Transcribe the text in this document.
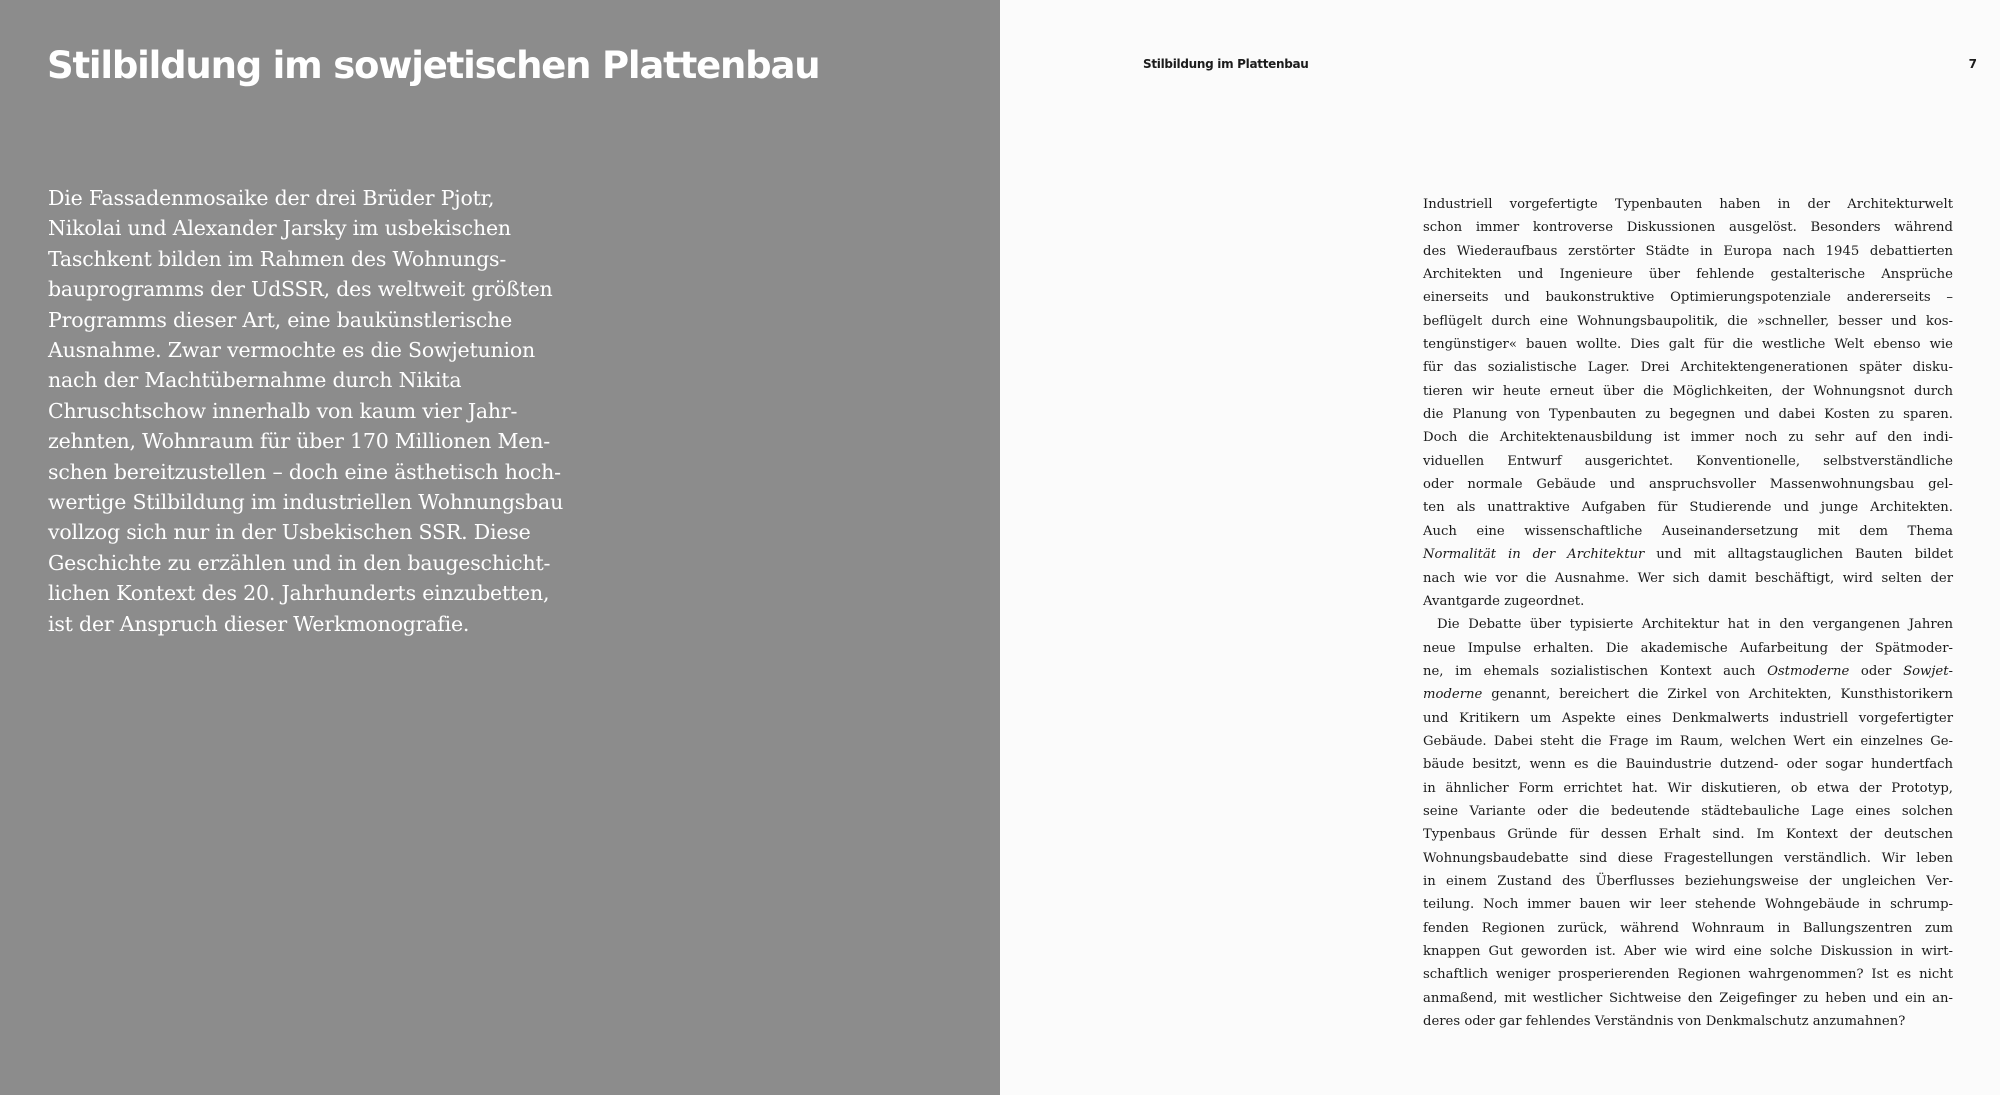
Stilbildung im sowjetischen Plattenbau
Die Fassadenmosaike der drei Brüder Pjotr,
Nikolai und Alexander Jarsky im usbekischen
Taschkent bilden im Rahmen des Wohnungs-
bauprogramms der UdSSR, des weltweit größten
Programms dieser Art, eine baukünstlerische
Ausnahme. Zwar vermochte es die Sowjetunion
nach der Machtübernahme durch Nikita
Chruschtschow innerhalb von kaum vier Jahr-
zehnten, Wohnraum für über 170 Millionen Men-
schen bereitzustellen – doch eine ästhetisch hoch-
wertige Stilbildung im industriellen Wohnungsbau
vollzog sich nur in der Usbekischen SSR. Diese
Geschichte zu erzählen und in den baugeschicht-
lichen Kontext des 20. Jahrhunderts einzubetten,
ist der Anspruch dieser Werkmonografie.
Stilbildung im Plattenbau	7
Industriell vorgefertigte Typenbauten haben in der Architekturwelt
schon immer kontroverse Diskussionen ausgelöst. Besonders während
des Wiederaufbaus zerstörter Städte in Europa nach 1945 debattierten
Architekten und Ingenieure über fehlende gestalterische Ansprüche
einerseits und baukonstruktive Optimierungspotenziale andererseits –
beflügelt durch eine Wohnungsbaupolitik, die »schneller, besser und kos-
tengünstiger« bauen wollte. Dies galt für die westliche Welt ebenso wie
für das sozialistische Lager. Drei Architektengenerationen später disku-
tieren wir heute erneut über die Möglichkeiten, der Wohnungsnot durch
die Planung von Typenbauten zu begegnen und dabei Kosten zu sparen.
Doch die Architektenausbildung ist immer noch zu sehr auf den indi-
viduellen Entwurf ausgerichtet. Konventionelle, selbstverständliche
oder normale Gebäude und anspruchsvoller Massenwohnungsbau gel-
ten als unattraktive Aufgaben für Studierende und junge Architekten.
Auch eine wissenschaftliche Auseinandersetzung mit dem Thema
Normalität in der Architektur und mit alltagstauglichen Bauten bildet
nach wie vor die Ausnahme. Wer sich damit beschäftigt, wird selten der
Avantgarde zugeordnet.
Die Debatte über typisierte Architektur hat in den vergangenen Jahren
neue Impulse erhalten. Die akademische Aufarbeitung der Spätmoder-
ne, im ehemals sozialistischen Kontext auch Ostmoderne oder Sowjet-
moderne genannt, bereichert die Zirkel von Architekten, Kunsthistorikern
und Kritikern um Aspekte eines Denkmalwerts industriell vorgefertigter
Gebäude. Dabei steht die Frage im Raum, welchen Wert ein einzelnes Ge-
bäude besitzt, wenn es die Bauindustrie dutzend- oder sogar hundertfach
in ähnlicher Form errichtet hat. Wir diskutieren, ob etwa der Prototyp,
seine Variante oder die bedeutende städtebauliche Lage eines solchen
Typenbaus Gründe für dessen Erhalt sind. Im Kontext der deutschen
Wohnungsbaudebatte sind diese Fragestellungen verständlich. Wir leben
in einem Zustand des Überflusses beziehungsweise der ungleichen Ver-
teilung. Noch immer bauen wir leer stehende Wohngebäude in schrump-
fenden Regionen zurück, während Wohnraum in Ballungszentren zum
knappen Gut geworden ist. Aber wie wird eine solche Diskussion in wirt-
schaftlich weniger prosperierenden Regionen wahrgenommen? Ist es nicht
anmaßend, mit westlicher Sichtweise den Zeigefinger zu heben und ein an-
deres oder gar fehlendes Verständnis von Denkmalschutz anzumahnen?
